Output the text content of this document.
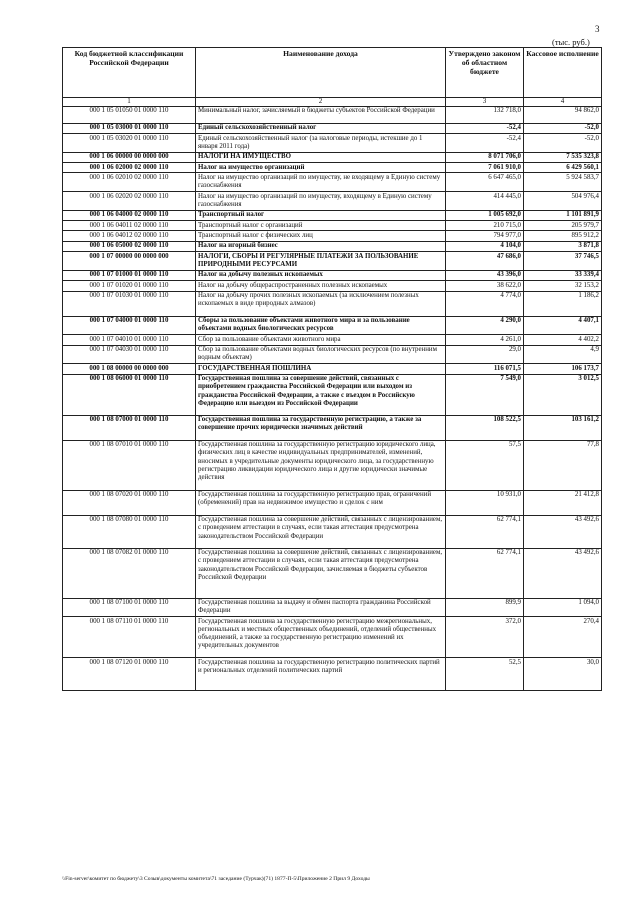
3
(тыс. руб.)
Код бюджетной классификации Российской Федерации	Наименование дохода	Утверждено законом об областном бюджете	Кассовое исполнение
1	2	3	4
000 1 05 01050 01 0000 110	Минимальный налог, зачисляемый в бюджеты субъектов Российской Федерации	132 718,0	94 862,0
000 1 05 03000 01 0000 110	Единый сельскохозяйственный налог	-52,4	-52,0
000 1 05 03020 01 0000 110	Единый сельскохозяйственный налог (за налоговые периоды, истекшие до 1 января 2011 года)	-52,4	-52,0
000 1 06 00000 00 0000 000	НАЛОГИ НА ИМУЩЕСТВО	8 071 706,0	7 535 323,8
000 1 06 02000 02 0000 110	Налог на имущество организаций	7 061 910,0	6 429 560,1
000 1 06 02010 02 0000 110	Налог на имущество организаций по имуществу, не входящему в Единую систему газоснабжения	6 647 465,0	5 924 583,7
000 1 06 02020 02 0000 110	Налог на имущество организаций по имуществу, входящему в Единую систему газоснабжения	414 445,0	504 976,4
000 1 06 04000 02 0000 110	Транспортный налог	1 005 692,0	1 101 891,9
000 1 06 04011 02 0000 110	Транспортный налог с организаций	210 715,0	205 979,7
000 1 06 04012 02 0000 110	Транспортный налог с физических лиц	794 977,0	895 912,2
000 1 06 05000 02 0000 110	Налог на игорный бизнес	4 104,0	3 871,8
000 1 07 00000 00 0000 000	НАЛОГИ, СБОРЫ И РЕГУЛЯРНЫЕ ПЛАТЕЖИ ЗА ПОЛЬЗОВАНИЕ ПРИРОДНЫМИ РЕСУРСАМИ	47 686,0	37 746,5
000 1 07 01000 01 0000 110	Налог на добычу полезных ископаемых	43 396,0	33 339,4
000 1 07 01020 01 0000 110	Налог на добычу общераспространенных полезных ископаемых	38 622,0	32 153,2
000 1 07 01030 01 0000 110	Налог на добычу прочих полезных ископаемых (за исключением полезных ископаемых в виде природных алмазов)	4 774,0	1 186,2
000 1 07 04000 01 0000 110	Сборы за пользование объектами животного мира и за пользование объектами водных биологических ресурсов	4 290,0	4 407,1
000 1 07 04010 01 0000 110	Сбор за пользование объектами животного мира	4 261,0	4 402,2
000 1 07 04030 01 0000 110	Сбор за пользование объектами водных биологических ресурсов (по внутренним водным объектам)	29,0	4,9
000 1 08 00000 00 0000 000	ГОСУДАРСТВЕННАЯ ПОШЛИНА	116 071,5	106 173,7
000 1 08 06000 01 0000 110	Государственная пошлина за совершение действий, связанных с приобретением гражданства Российской Федерации или выходом из гражданства Российской Федерации, а также с въездом в Российскую Федерацию или выездом из Российской Федерации	7 549,0	3 012,5
000 1 08 07000 01 0000 110	Государственная пошлина за государственную регистрацию, а также за совершение прочих юридически значимых действий	108 522,5	103 161,2
000 1 08 07010 01 0000 110	Государственная пошлина за государственную регистрацию юридического лица, физических лиц в качестве индивидуальных предпринимателей, изменений, вносимых в учредительные документы юридического лица, за государственную регистрацию ликвидации юридического лица и другие юридически значимые действия	57,5	77,8
000 1 08 07020 01 0000 110	Государственная пошлина за государственную регистрацию прав, ограничений (обременений) прав на недвижимое имущество и сделок с ним	10 931,0	21 412,8
000 1 08 07080 01 0000 110	Государственная пошлина за совершение действий, связанных с лицензированием, с проведением аттестации в случаях, если такая аттестация предусмотрена законодательством Российской Федерации	62 774,1	43 492,6
000 1 08 07082 01 0000 110	Государственная пошлина за совершение действий, связанных с лицензированием, с проведением аттестации в случаях, если такая аттестация предусмотрена законодательством Российской Федерации, зачисляемая в бюджеты субъектов Российской Федерации	62 774,1	43 492,6
000 1 08 07100 01 0000 110	Государственная пошлина за выдачу и обмен паспорта гражданина Российской Федерации	899,9	1 094,0
000 1 08 07110 01 0000 110	Государственная пошлина за государственную регистрацию межрегиональных, региональных и местных общественных объединений, отделений общественных объединений, а также за государственную регистрацию изменений их учредительных документов	372,0	270,4
000 1 08 07120 01 0000 110	Государственная пошлина за государственную регистрацию политических партий и региональных отделений политических партий	52,5	30,0
\\Fin-server\комитет по бюджету\3 Созыв\документы комитета\71 заседание (Турчак)(71) 1877-П-5\Приложение 2 Прил 9 Доходы
